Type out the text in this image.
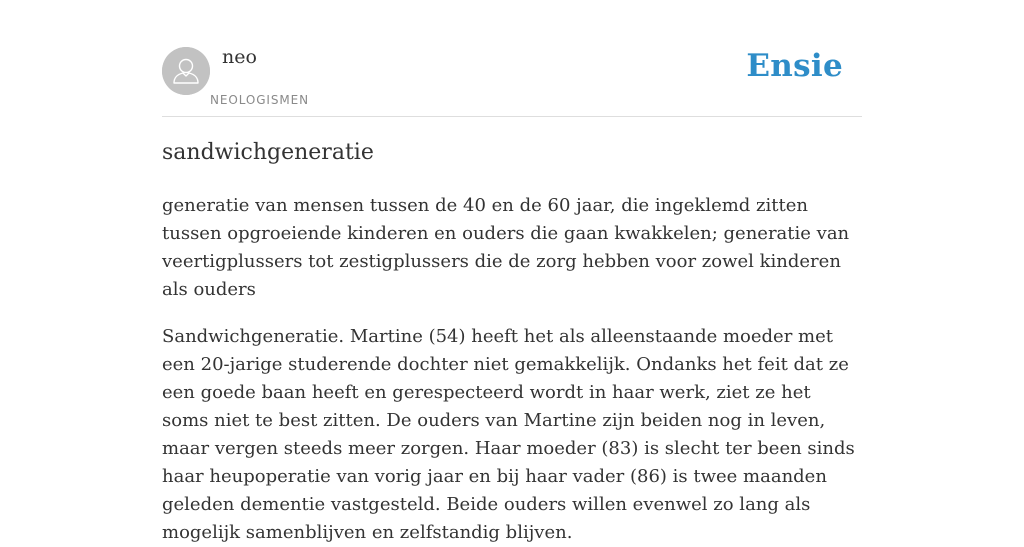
neo
NEOLOGISMEN
Ensie
sandwichgeneratie

generatie van mensen tussen de 40 en de 60 jaar, die ingeklemd zitten tussen opgroeiende kinderen en ouders die gaan kwakkelen; generatie van veertigplussers tot zestigplussers die de zorg hebben voor zowel kinderen als ouders

Sandwichgeneratie. Martine (54) heeft het als alleenstaande moeder met een 20-jarige studerende dochter niet gemakkelijk. Ondanks het feit dat ze een goede baan heeft en gerespecteerd wordt in haar werk, ziet ze het soms niet te best zitten. De ouders van Martine zijn beiden nog in leven, maar vergen steeds meer zorgen. Haar moeder (83) is slecht ter been sinds haar heupoperatie van vorig jaar en bij haar vader (86) is twee maanden geleden dementie vastgesteld. Beide ouders willen evenwel zo lang als mogelijk samenblijven en zelfstandig blijven.
